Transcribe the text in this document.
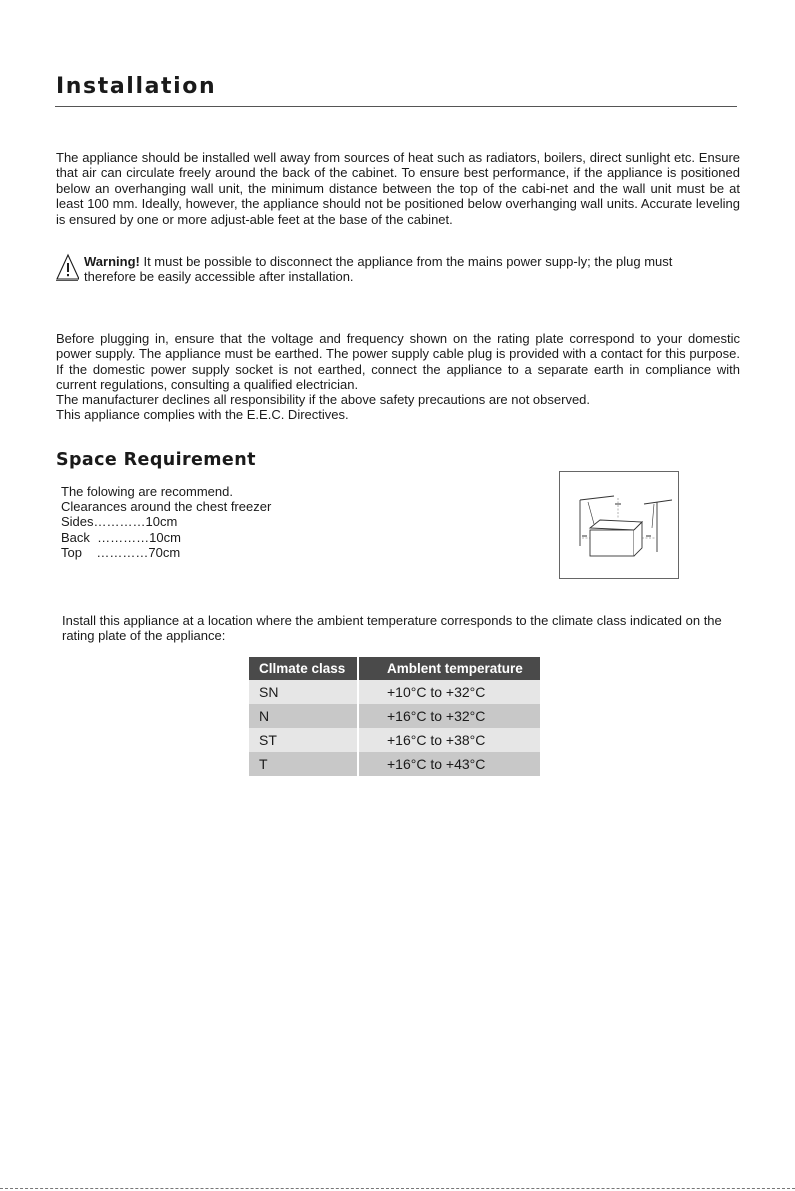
Installation

The appliance should be installed well away from sources of heat such as radiators, boilers, direct sunlight etc. Ensure that air can circulate freely around the back of the cabinet. To ensure best performance, if the appliance is positioned below an overhanging wall unit, the minimum distance between the top of the cabi-net and the wall unit must be at least 100 mm. Ideally, however, the appliance should not be positioned below overhanging wall units. Accurate leveling is ensured by one or more adjust-able feet at the base of the cabinet.

Warning! It must be possible to disconnect the appliance from the mains power supp-ly; the plug must
therefore be easily accessible after installation.

Before plugging in, ensure that the voltage and frequency shown on the rating plate correspond to your domestic power supply. The appliance must be earthed. The power supply cable plug is provided with a contact for this purpose. If the domestic power supply socket is not earthed, connect the appliance to a separate earth in compliance with current regulations, consulting a qualified electrician.

The manufacturer declines all responsibility if the above safety precautions are not observed.

This appliance complies with the E.E.C. Directives.

Space Requirement
The folowing are recommend.
Clearances around the chest freezer
Sides…………10cm
Back  …………10cm
Top    …………70cm

Install this appliance at a location where the ambient temperature corresponds to the climate class indicated on the rating plate of the appliance:

Cllmate class	Amblent temperature
SN	+10°C to +32°C
N	+16°C to +32°C
ST	+16°C to +38°C
T	+16°C to +43°C
